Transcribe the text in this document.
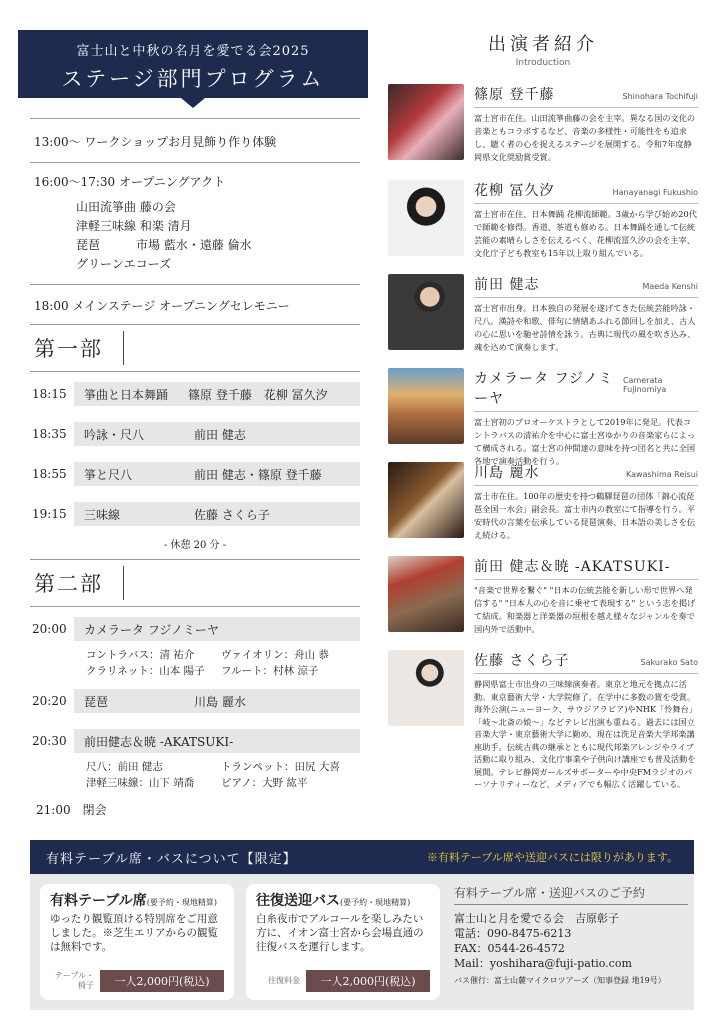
富士山と中秋の名月を愛でる会2025
ステージ部門プログラム
13:00〜 ワークショップお月見飾り作り体験
16:00〜17:30 オープニングアクト
山田流箏曲 藤の会
津軽三味線 和楽 清月
琵琶　　　市場 藍水・遠藤 倫水
グリーンエコーズ
18:00 メインステージ オープニングセレモニー
第一部
18:15	箏曲と日本舞踊	篠原 登千藤　花柳 冨久汐
18:35	吟詠・尺八	前田 健志
18:55	箏と尺八	前田 健志・篠原 登千藤
19:15	三味線	佐藤 さくら子
- 休憩 20 分 -
第二部
20:00	カメラータ フジノミーヤ
コントラバス：清 祐介	ヴァイオリン：舟山 恭
クラリネット：山本 陽子	フルート：村林 涼子
20:20	琵琶	川島 麗水
20:30	前田健志＆暁 -AKATSUKI-
尺八：前田 健志	トランペット：田尻 大喜
津軽三味線：山下 靖喬	ピアノ：大野 紘平
21:00　閉会
出演者紹介
Introduction
篠原 登千藤	Shinohara Tochifuji
富士宮市在住。山田流箏曲藤の会を主宰。異なる国の文化の音楽ともコラボするなど、音楽の多様性・可能性をも追求し、聴く者の心を捉えるステージを展開する。令和7年度静岡県文化奨励賞受賞。
花柳 冨久汐	Hanayanagi Fukushio
富士宮市在住、日本舞踊 花柳流師範。3歳から学び始め20代で師範を修得。香道、茶道も修める。日本舞踊を通して伝統芸能の素晴らしさを伝えるべく、花柳流冨久汐の会を主宰、文化庁子ども教室も15年以上取り組んでいる。
前田 健志	Maeda Kenshi
富士宮市出身。日本独自の発展を遂げてきた伝統芸能吟詠・尺八。漢詩や和歌、俳句に情緒あふれる節回しを加え、古人の心に思いを馳せ詩情を詠う。古典に現代の風を吹き込み、魂を込めて演奏します。
カメラータ フジノミーヤ
Camerata Fujinomiya
富士宮初のプロオーケストラとして2019年に発足。代表コントラバスの清祐介を中心に富士宮ゆかりの音楽家らによって構成される。富士宮の仲間達の意味を持つ団名と共に全国各地で演奏活動を行う。
川島 麗水	Kawashima Reisui
富士市在住。100年の歴史を持つ鶴驛琵琶の団体「錦心流琵琶全国一水会」副会長。富士市内の教室にて指導を行う。平安時代の言葉を伝承している琵琶演奏、日本語の美しさを伝え続ける。
前田 健志＆暁 -AKATSUKI-
"音楽で世界を繋ぐ" "日本の伝統芸能を新しい形で世界へ発信する" "日本人の心を音に乗せて表現する" という志を掲げて結成。和楽器と洋楽器の垣根を越え様々なジャンルを奏で国内外で活動中。
佐藤 さくら子	Sakurako Sato
静岡県富士市出身の三味線演奏者。東京と地元を拠点に活動。東京藝術大学・大学院修了。在学中に多数の賞を受賞。海外公演(ニューヨーク、サウジアラビア)やNHK「怜舞台」「岐〜北斎の娘〜」などテレビ出演も重ねる。過去には国立音楽大学・東京藝術大学に勤め、現在は洗足音楽大学邦楽講座助手。伝統古典の継承とともに現代邦楽アレンジやライブ活動に取り組み、文化庁事業や子供向け講座でも普及活動を展開。テレビ静岡ガールズサポーターや中央FMラジオのパーソナリティーなど、メディアでも幅広く活躍している。
有料テーブル席・バスについて【限定】	※有料テーブル席や送迎バスには限りがあります。
有料テーブル席(要予約・現地精算)
ゆったり観覧頂ける特別席をご用意しました。※芝生エリアからの観覧は無料です。
テーブル・椅子	一人2,000円(税込)
往復送迎バス(要予約・現地精算)
白糸夜市でアルコールを楽しみたい方に、イオン富士宮から会場直通の往復バスを運行します。
往復料金	一人2,000円(税込)
有料テーブル席・送迎バスのご予約

富士山と月を愛でる会　吉原彰子

電話：090-8475-6213

FAX：0544-26-4572

Mail：yoshihara@fuji-patio.com

バス催行：富士山麓マイクロツアーズ（知事登録 地19号）
